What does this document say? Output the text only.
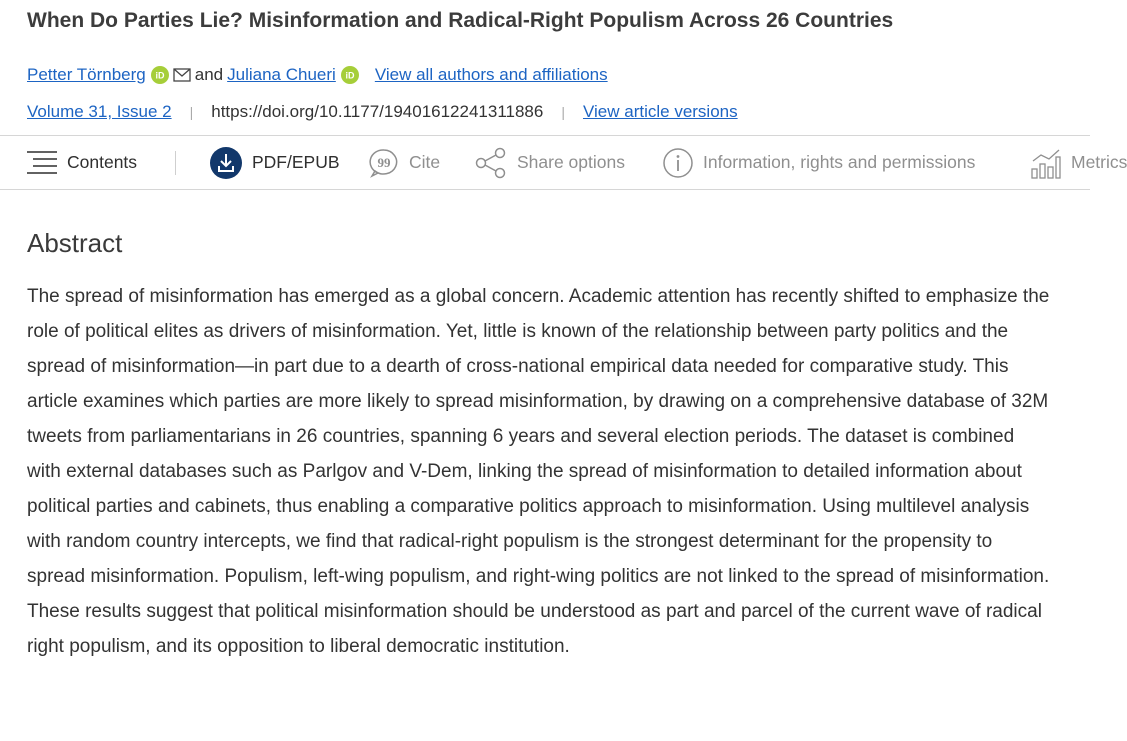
When Do Parties Lie? Misinformation and Radical-Right Populism Across 26 Countries
Petter Törnberg iD and Juliana Chueri iD View all authors and affiliations
Volume 31, Issue 2 | https://doi.org/10.1177/19401612241311886 | View article versions
Contents	PDF/EPUB	99 Cite	Share options	Information, rights and permissions	Metrics
Abstract

The spread of misinformation has emerged as a global concern. Academic attention has recently shifted to emphasize the role of political elites as drivers of misinformation. Yet, little is known of the relationship between party politics and the spread of misinformation—in part due to a dearth of cross-national empirical data needed for comparative study. This article examines which parties are more likely to spread misinformation, by drawing on a comprehensive database of 32M tweets from parliamentarians in 26 countries, spanning 6 years and several election periods. The dataset is combined with external databases such as Parlgov and V-Dem, linking the spread of misinformation to detailed information about political parties and cabinets, thus enabling a comparative politics approach to misinformation. Using multilevel analysis with random country intercepts, we find that radical-right populism is the strongest determinant for the propensity to spread misinformation. Populism, left-wing populism, and right-wing politics are not linked to the spread of misinformation. These results suggest that political misinformation should be understood as part and parcel of the current wave of radical right populism, and its opposition to liberal democratic institution.
